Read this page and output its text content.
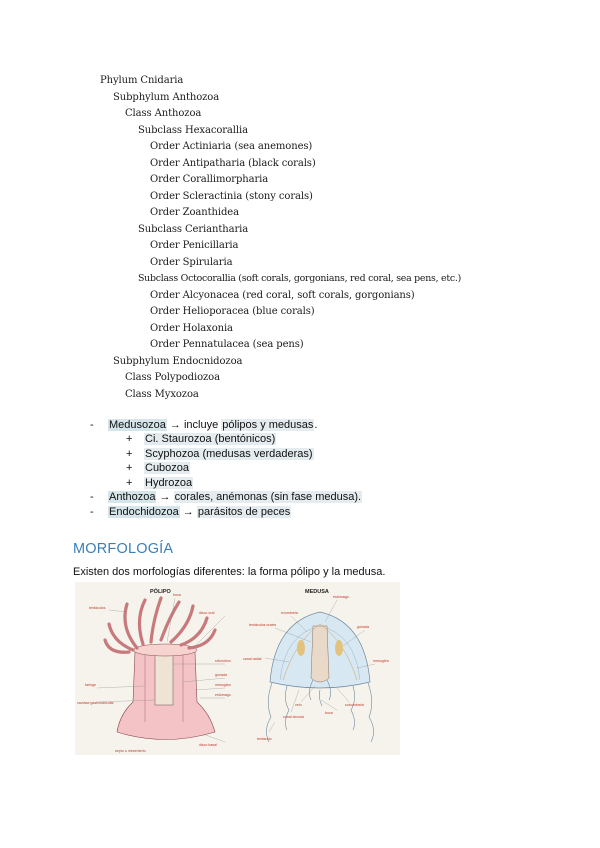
Phylum Cnidaria
Subphylum Anthozoa
Class Anthozoa
Subclass Hexacorallia
Order Actiniaria (sea anemones)
Order Antipatharia (black corals)
Order Corallimorpharia
Order Scleractinia (stony corals)
Order Zoanthidea
Subclass Ceriantharia
Order Penicillaria
Order Spirularia
Subclass Octocorallia (soft corals, gorgonians, red coral, sea pens, etc.)
Order Alcyonacea (red coral, soft corals, gorgonians)
Order Helioporacea (blue corals)
Order Holaxonia
Order Pennatulacea (sea pens)
Subphylum Endocnidozoa
Class Polypodiozoa
Class Myxozoa
- Medusozoa → incluye pólipos y medusas.
+ Ci. Staurozoa (bentónicos)
+ Scyphozoa (medusas verdaderas)
+ Cubozoa
+ Hydrozoa
- Anthozoa → corales, anémonas (sin fase medusa).
- Endochidozoa → parásitos de peces
MORFOLOGÍA
Existen dos morfologías diferentes: la forma pólipo y la medusa.
PÓLIPO
tentáculos
boca
disco oral
faringe
sifonoforo
cavidad gastrovascular
septo o mesenterio
gónada
mesoglea
estómago
disco basal
MEDUSA
estómago
exumbrela
tentáculos orales	gónada
canal radial
boca
mesoglea
subumbrela
velo
canal circular
tentáculo
